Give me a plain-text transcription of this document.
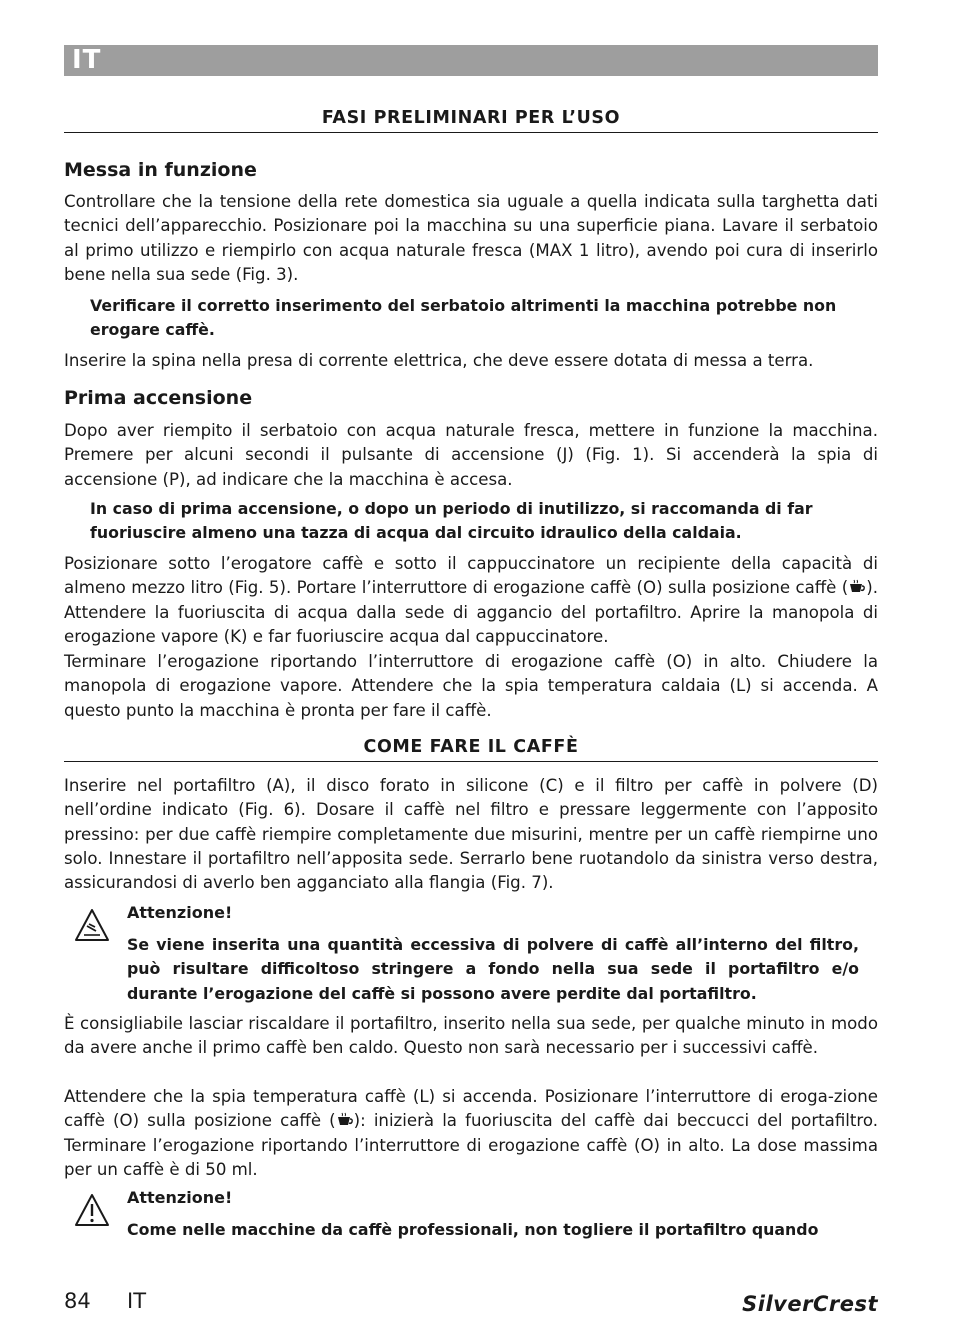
IT
FASI PRELIMINARI PER L’USO
Messa in funzione
Controllare che la tensione della rete domestica sia uguale a quella indicata sulla targhetta dati tecnici dell’apparecchio. Posizionare poi la macchina su una superficie piana. Lavare il serbatoio al primo utilizzo e riempirlo con acqua naturale fresca (MAX 1 litro), avendo poi cura di inserirlo bene nella sua sede (Fig. 3).
Verificare il corretto inserimento del serbatoio altrimenti la macchina potrebbe non erogare caffè.
Inserire la spina nella presa di corrente elettrica, che deve essere dotata di messa a terra.
Prima accensione
Dopo aver riempito il serbatoio con acqua naturale fresca, mettere in funzione la macchina. Premere per alcuni secondi il pulsante di accensione (J) (Fig. 1). Si accenderà la spia di accensione (P), ad indicare che la macchina è accesa.
In caso di prima accensione, o dopo un periodo di inutilizzo, si raccomanda di far fuoriuscire almeno una tazza di acqua dal circuito idraulico della caldaia.
Posizionare sotto l’erogatore caffè e sotto il cappuccinatore un recipiente della capacità di almeno mezzo litro (Fig. 5). Portare l’interruttore di erogazione caffè (O) sulla posizione caffè ( ). Attendere la fuoriuscita di acqua dalla sede di aggancio del portafiltro. Aprire la manopola di erogazione vapore (K) e far fuoriuscire acqua dal cappuccinatore.
Terminare l’erogazione riportando l’interruttore di erogazione caffè (O) in alto. Chiudere la manopola di erogazione vapore. Attendere che la spia temperatura caldaia (L) si accenda. A questo punto la macchina è pronta per fare il caffè.
COME FARE IL CAFFÈ
Inserire nel portafiltro (A), il disco forato in silicone (C) e il filtro per caffè in polvere (D) nell’ordine indicato (Fig. 6). Dosare il caffè nel filtro e pressare leggermente con l’apposito pressino: per due caffè riempire completamente due misurini, mentre per un caffè riempirne uno solo. Innestare il portafiltro nell’apposita sede. Serrarlo bene ruotandolo da sinistra verso destra, assicurandosi di averlo ben agganciato alla flangia (Fig. 7).
Attenzione!
Se viene inserita una quantità eccessiva di polvere di caffè all’interno del filtro, può risultare difficoltoso stringere a fondo nella sua sede il portafiltro e/o durante l’erogazione del caffè si possono avere perdite dal portafiltro.
È consigliabile lasciar riscaldare il portafiltro, inserito nella sua sede, per qualche minuto in modo da avere anche il primo caffè ben caldo. Questo non sarà necessario per i successivi caffè.
Attendere che la spia temperatura caffè (L) si accenda. Posizionare l’interruttore di eroga-zione caffè (O) sulla posizione caffè ( ): inizierà la fuoriuscita del caffè dai beccucci del portafiltro. Terminare l’erogazione riportando l’interruttore di erogazione caffè (O) in alto. La dose massima per un caffè è di 50 ml.
Attenzione!
Come nelle macchine da caffè professionali, non togliere il portafiltro quando
84 IT	SilverCrest
